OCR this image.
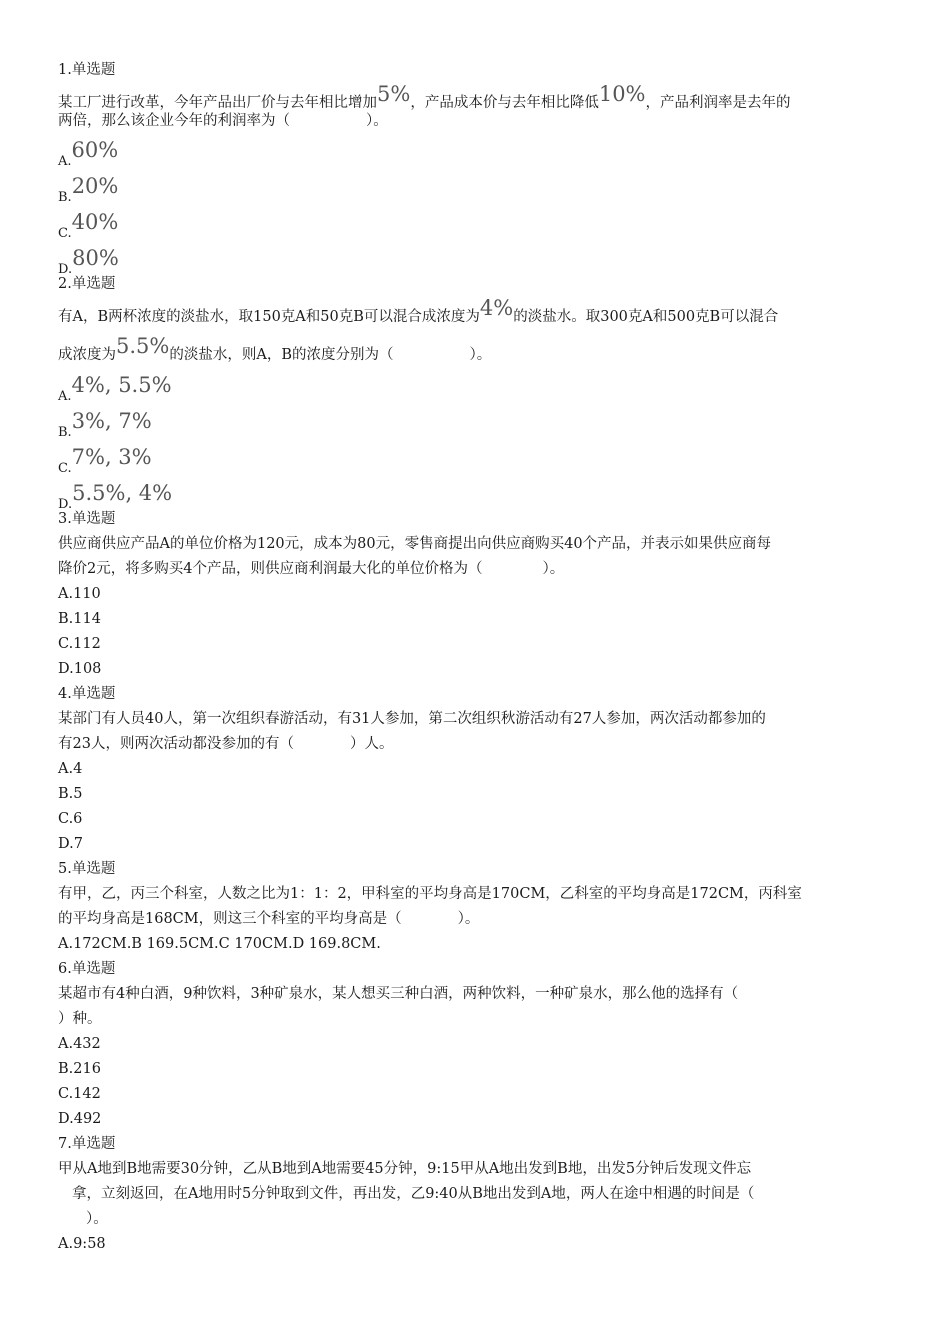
1.单选题
某工厂进行改革，今年产品出厂价与去年相比增加5%，产品成本价与去年相比降低10%，产品利润率是去年的
两倍，那么该企业今年的利润率为（	）。
$_{A.}$60%
$_{B.}$20%
$_{C.}$40%
$_{D.}$80%
2.单选题
有A，B两杯浓度的淡盐水，取150克A和50克B可以混合成浓度为4%的淡盐水。取300克A和500克B可以混合
成浓度为5.5%的淡盐水，则A，B的浓度分别为（	）。
$_{A.}$4%, 5.5%
$_{B.}$3%, 7%
$_{C.}$7%, 3%
$_{D.}$5.5%, 4%
3.单选题
供应商供应产品A的单位价格为120元，成本为80元，零售商提出向供应商购买40个产品，并表示如果供应商每
降价2元，将多购买4个产品，则供应商利润最大化的单位价格为（	）。
A.110
B.114
C.112
D.108
4.单选题
某部门有人员40人，第一次组织春游活动，有31人参加，第二次组织秋游活动有27人参加，两次活动都参加的
有23人，则两次活动都没参加的有（	）人。
A.4
B.5
C.6
D.7
5.单选题
有甲，乙，丙三个科室，人数之比为1：1：2，甲科室的平均身高是170CM，乙科室的平均身高是172CM，丙科室
的平均身高是168CM，则这三个科室的平均身高是（	）。
A.172CM.B 169.5CM.C 170CM.D 169.8CM.
6.单选题
某超市有4种白酒，9种饮料，3种矿泉水，某人想买三种白酒，两种饮料，一种矿泉水，那么他的选择有（
）种。
A.432
B.216
C.142
D.492
7.单选题
甲从A地到B地需要30分钟，乙从B地到A地需要45分钟，9:15甲从A地出发到B地，出发5分钟后发现文件忘
拿，立刻返回，在A地用时5分钟取到文件，再出发，乙9:40从B地出发到A地，两人在途中相遇的时间是（
）。
A.9:58
